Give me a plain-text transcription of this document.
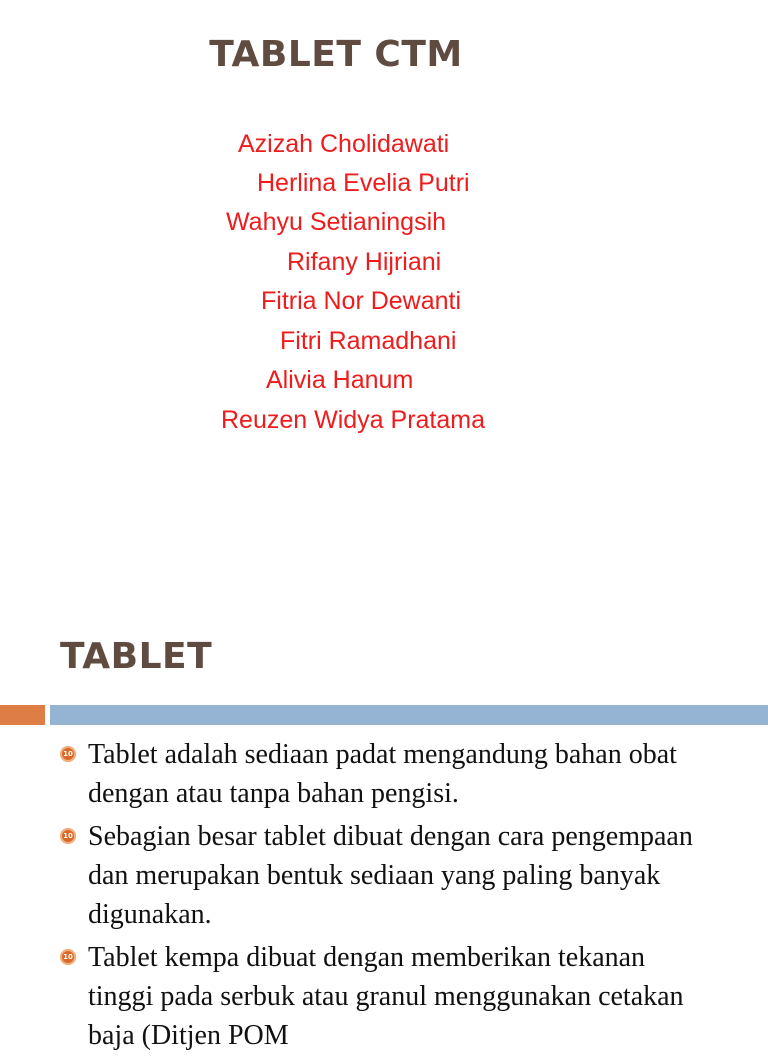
TABLET CTM
Azizah Cholidawati
Herlina Evelia Putri
Wahyu Setianingsih
Rifany Hijriani
Fitria Nor Dewanti
Fitri Ramadhani
Alivia Hanum
Reuzen Widya Pratama
TABLET
10 Tablet adalah sediaan padat mengandung bahan obat dengan atau tanpa bahan pengisi.
10 Sebagian besar tablet dibuat dengan cara pengempaan dan merupakan bentuk sediaan yang paling banyak digunakan.
10 Tablet kempa dibuat dengan memberikan tekanan tinggi pada serbuk atau granul menggunakan cetakan baja (Ditjen POM
